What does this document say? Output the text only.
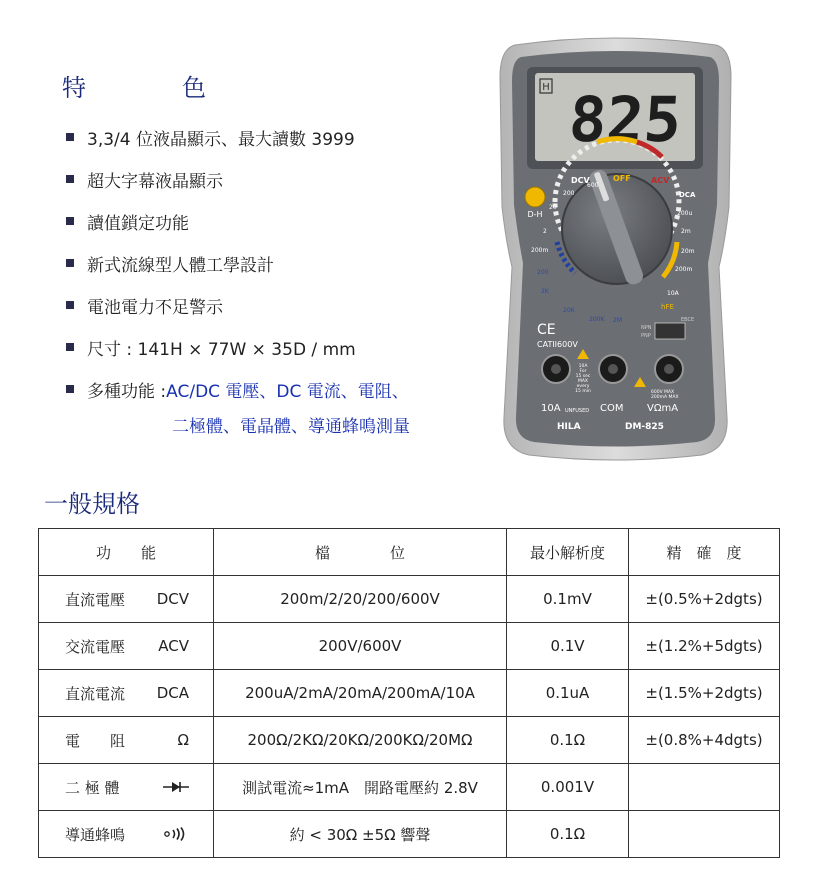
特　色
3,3/4 位液晶顯示、最大讀數 3999
超大字幕液晶顯示
讀值鎖定功能
新式流線型人體工學設計
電池電力不足警示
尺寸 : 141H × 77W × 35D / mm
多種功能 : AC/DC 電壓、DC 電流、電阻、
二極體、電晶體、導通蜂鳴測量
H 825
D-H
DCV	OFF	ACV
600
200
20
2
200m
DCA
200u
2m
20m
200m
10A
200
2K
20K
200K 2M
hFE
EBCE
NPN
PNP
CE
CATII600V
10A
For
15 sec
MAX
every
15 min	600V MAX
200mA MAX
10A	COM VΩmA
UNFUSED
HILA	DM-825
一般規格
功　　能	檔　　　　位	最小解析度	精　確　度

直流電壓 DCV	200m/2/20/200/600V	0.1mV	±(0.5%+2dgts)

交流電壓 ACV	200V/600V	0.1V	±(1.2%+5dgts)

直流電流 DCA	200uA/2mA/20mA/200mA/10A	0.1uA	±(1.5%+2dgts)

電　　阻 Ω	200Ω/2KΩ/20KΩ/200KΩ/20MΩ	0.1Ω	±(0.8%+4dgts)

二 極 體	測試電流≈1mA　開路電壓約 2.8V	0.001V	

導通蜂鳴	約 < 30Ω ±5Ω 響聲	0.1Ω	
